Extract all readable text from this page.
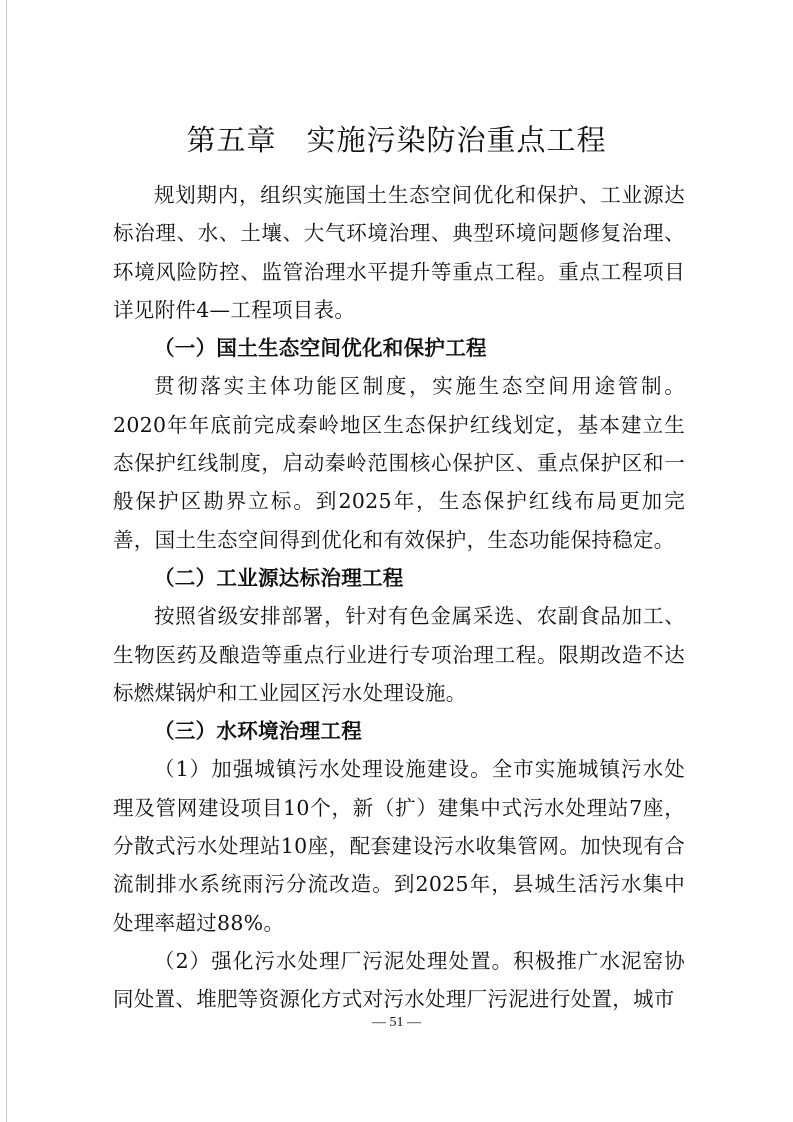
第五章　实施污染防治重点工程

规划期内，组织实施国土生态空间优化和保护、工业源达标治理、水、土壤、大气环境治理、典型环境问题修复治理、环境风险防控、监管治理水平提升等重点工程。重点工程项目详见附件4—工程项目表。

（一）国土生态空间优化和保护工程

贯彻落实主体功能区制度，实施生态空间用途管制。2020年年底前完成秦岭地区生态保护红线划定，基本建立生态保护红线制度，启动秦岭范围核心保护区、重点保护区和一般保护区勘界立标。到2025年，生态保护红线布局更加完善，国土生态空间得到优化和有效保护，生态功能保持稳定。

（二）工业源达标治理工程

按照省级安排部署，针对有色金属采选、农副食品加工、生物医药及酿造等重点行业进行专项治理工程。限期改造不达标燃煤锅炉和工业园区污水处理设施。

（三）水环境治理工程

（1）加强城镇污水处理设施建设。全市实施城镇污水处理及管网建设项目10个，新（扩）建集中式污水处理站7座，分散式污水处理站10座，配套建设污水收集管网。加快现有合流制排水系统雨污分流改造。到2025年，县城生活污水集中处理率超过88%。

（2）强化污水处理厂污泥处理处置。积极推广水泥窑协同处置、堆肥等资源化方式对污水处理厂污泥进行处置，城市

— 51 —
